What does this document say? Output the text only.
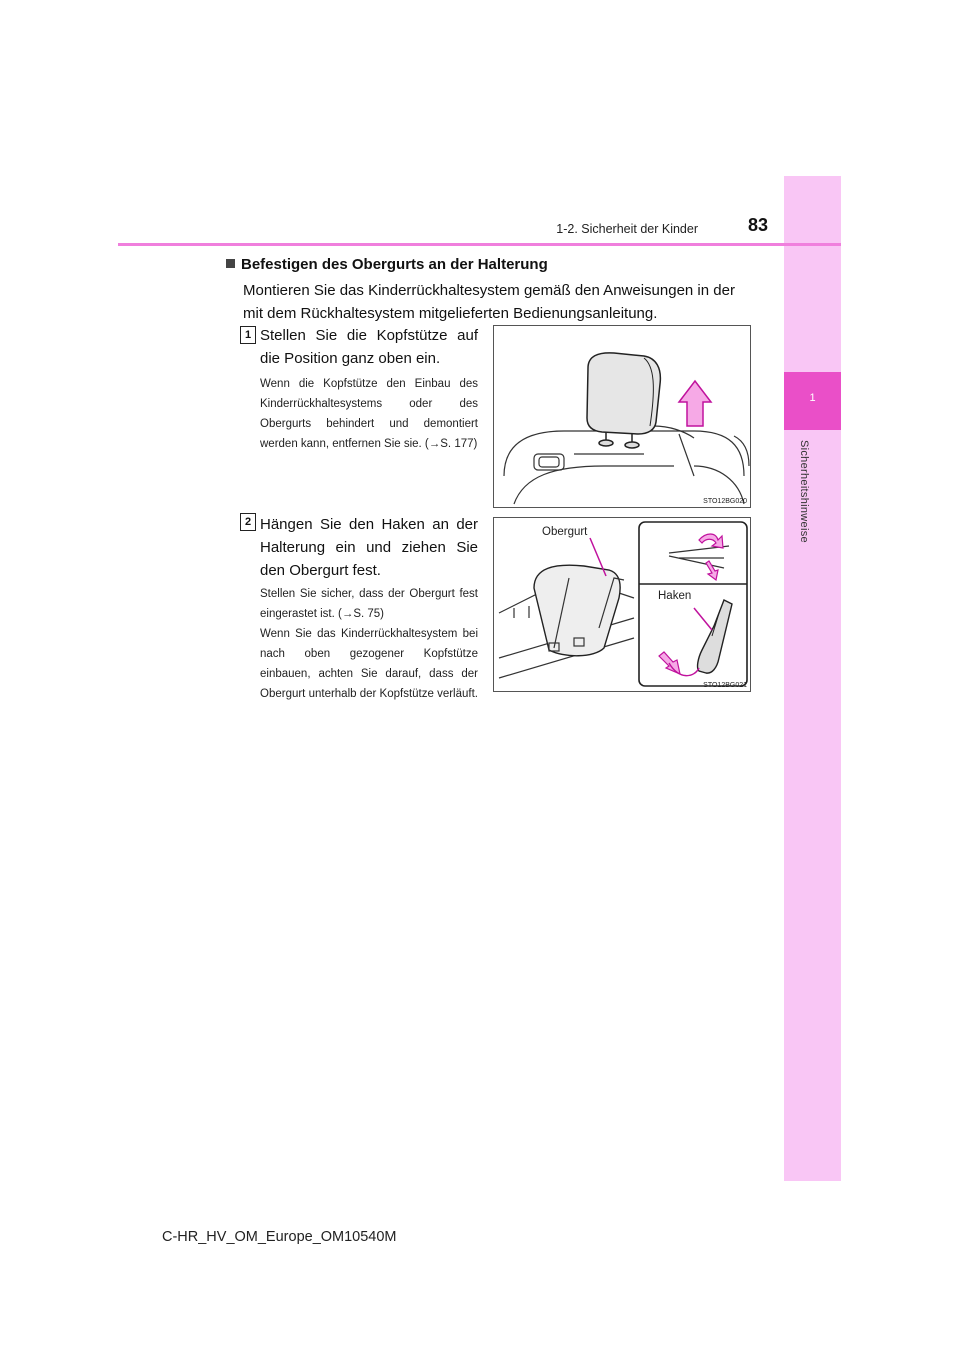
1
Sicherheitshinweise
1-2. Sicherheit der Kinder	83
Befestigen des Obergurts an der Halterung
Montieren Sie das Kinderrückhaltesystem gemäß den Anweisungen in der mit dem Rückhaltesystem mitgelieferten Bedienungsanleitung.
1 Stellen Sie die Kopfstütze auf die Position ganz oben ein.
Wenn die Kopfstütze den Einbau des Kinderrückhaltesystems oder des Obergurts behindert und demontiert werden kann, entfernen Sie sie. (→S. 177)
STO12BG020
2 Hängen Sie den Haken an der Halterung ein und ziehen Sie den Obergurt fest.
Stellen Sie sicher, dass der Obergurt fest eingerastet ist. (→S. 75)
Wenn Sie das Kinderrückhaltesystem bei nach oben gezogener Kopfstütze einbauen, achten Sie darauf, dass der Obergurt unterhalb der Kopfstütze verläuft.
Obergurt
Haken
STO12BG021
C-HR_HV_OM_Europe_OM10540M
